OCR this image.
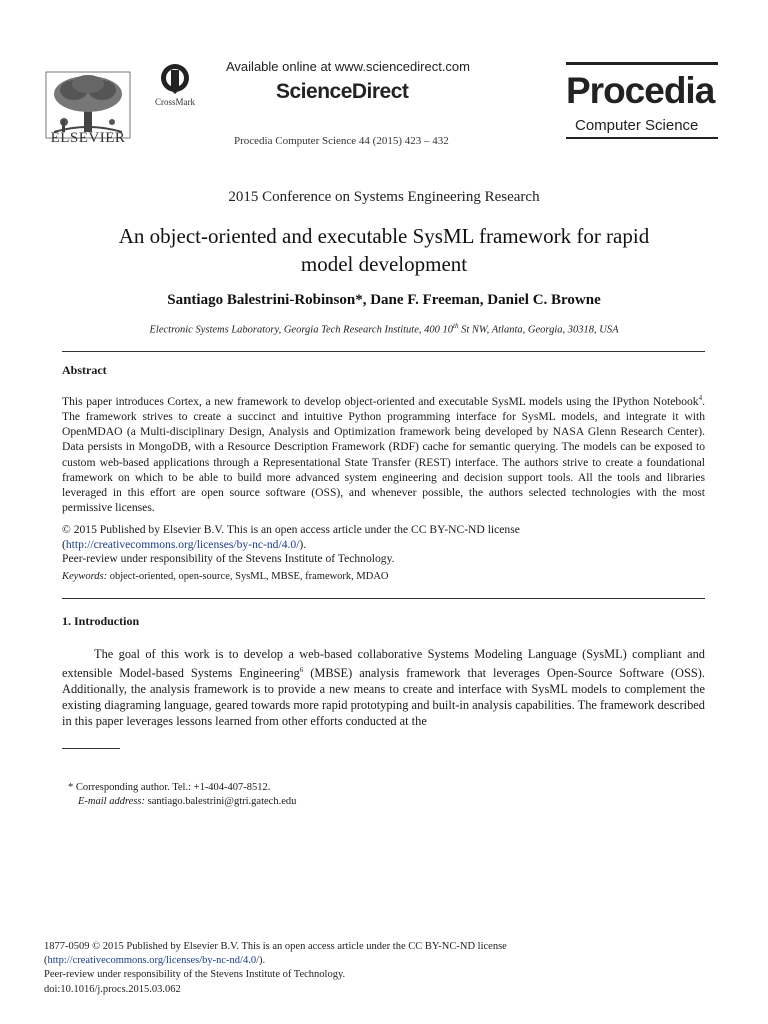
ELSEVIER
CrossMark
Available online at www.sciencedirect.com
ScienceDirect
Procedia Computer Science 44 (2015) 423 – 432
Procedia
Computer Science
2015 Conference on Systems Engineering Research
An object-oriented and executable SysML framework for rapid
model development
Santiago Balestrini-Robinson*, Dane F. Freeman, Daniel C. Browne
Electronic Systems Laboratory, Georgia Tech Research Institute, 400 10th St NW, Atlanta, Georgia, 30318, USA
Abstract
This paper introduces Cortex, a new framework to develop object-oriented and executable SysML models using the IPython Notebook$^4$. The framework strives to create a succinct and intuitive Python programming interface for SysML models, and integrate it with OpenMDAO (a Multi-disciplinary Design, Analysis and Optimization framework being developed by NASA Glenn Research Center). Data persists in MongoDB, with a Resource Description Framework (RDF) cache for semantic querying. The models can be exposed to custom web-based applications through a Representational State Transfer (REST) interface. The authors strive to create a foundational framework on which to be able to build more advanced system engineering and decision support tools. All the tools and libraries leveraged in this effort are open source software (OSS), and whenever possible, the authors selected technologies with the most permissive licenses.
© 2015 Published by Elsevier B.V. This is an open access article under the CC BY-NC-ND license
(http://creativecommons.org/licenses/by-nc-nd/4.0/).
Peer-review under responsibility of the Stevens Institute of Technology.
Keywords: object-oriented, open-source, SysML, MBSE, framework, MDAO
1. Introduction
The goal of this work is to develop a web-based collaborative Systems Modeling Language (SysML) compliant and extensible Model-based Systems Engineering$^6$ (MBSE) analysis framework that leverages Open-Source Software (OSS). Additionally, the analysis framework is to provide a new means to create and interface with SysML models to complement the existing diagraming language, geared towards more rapid prototyping and built-in analysis capabilities. The framework described in this paper leverages lessons learned from other efforts conducted at the
* Corresponding author. Tel.: +1-404-407-8512.
E-mail address: santiago.balestrini@gtri.gatech.edu
1877-0509 © 2015 Published by Elsevier B.V. This is an open access article under the CC BY-NC-ND license
(http://creativecommons.org/licenses/by-nc-nd/4.0/).
Peer-review under responsibility of the Stevens Institute of Technology.
doi:10.1016/j.procs.2015.03.062
